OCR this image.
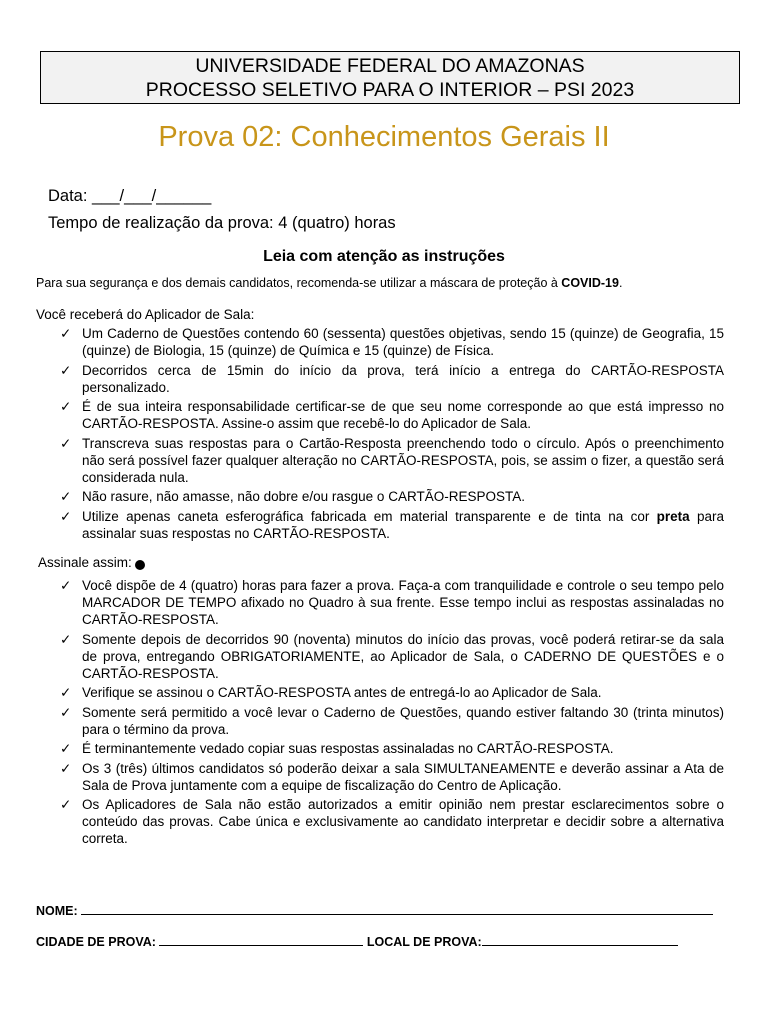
UNIVERSIDADE FEDERAL DO AMAZONAS
PROCESSO SELETIVO PARA O INTERIOR – PSI 2023
Prova 02: Conhecimentos Gerais II
Data: ___/___/______
Tempo de realização da prova: 4 (quatro) horas
Leia com atenção as instruções
Para sua segurança e dos demais candidatos, recomenda-se utilizar a máscara de proteção à COVID-19.
Você receberá do Aplicador de Sala:
✓ Um Caderno de Questões contendo 60 (sessenta) questões objetivas, sendo 15 (quinze) de Geografia, 15 (quinze) de Biologia, 15 (quinze) de Química e 15 (quinze) de Física.
✓ Decorridos cerca de 15min do início da prova, terá início a entrega do CARTÃO-RESPOSTA personalizado.
✓ É de sua inteira responsabilidade certificar-se de que seu nome corresponde ao que está impresso no CARTÃO-RESPOSTA. Assine-o assim que recebê-lo do Aplicador de Sala.
✓ Transcreva suas respostas para o Cartão-Resposta preenchendo todo o círculo. Após o preenchimento não será possível fazer qualquer alteração no CARTÃO-RESPOSTA, pois, se assim o fizer, a questão será considerada nula.
✓ Não rasure, não amasse, não dobre e/ou rasgue o CARTÃO-RESPOSTA.
✓ Utilize apenas caneta esferográfica fabricada em material transparente e de tinta na cor preta para assinalar suas respostas no CARTÃO-RESPOSTA.
Assinale assim:
✓ Você dispõe de 4 (quatro) horas para fazer a prova. Faça-a com tranquilidade e controle o seu tempo pelo MARCADOR DE TEMPO afixado no Quadro à sua frente. Esse tempo inclui as respostas assinaladas no CARTÃO-RESPOSTA.
✓ Somente depois de decorridos 90 (noventa) minutos do início das provas, você poderá retirar-se da sala de prova, entregando OBRIGATORIAMENTE, ao Aplicador de Sala, o CADERNO DE QUESTÕES e o CARTÃO-RESPOSTA.
✓ Verifique se assinou o CARTÃO-RESPOSTA antes de entregá-lo ao Aplicador de Sala.
✓ Somente será permitido a você levar o Caderno de Questões, quando estiver faltando 30 (trinta minutos) para o término da prova.
✓ É terminantemente vedado copiar suas respostas assinaladas no CARTÃO-RESPOSTA.
✓ Os 3 (três) últimos candidatos só poderão deixar a sala SIMULTANEAMENTE e deverão assinar a Ata de Sala de Prova juntamente com a equipe de fiscalização do Centro de Aplicação.
✓ Os Aplicadores de Sala não estão autorizados a emitir opinião nem prestar esclarecimentos sobre o conteúdo das provas. Cabe única e exclusivamente ao candidato interpretar e decidir sobre a alternativa correta.
NOME:
CIDADE DE PROVA:	LOCAL DE PROVA:
